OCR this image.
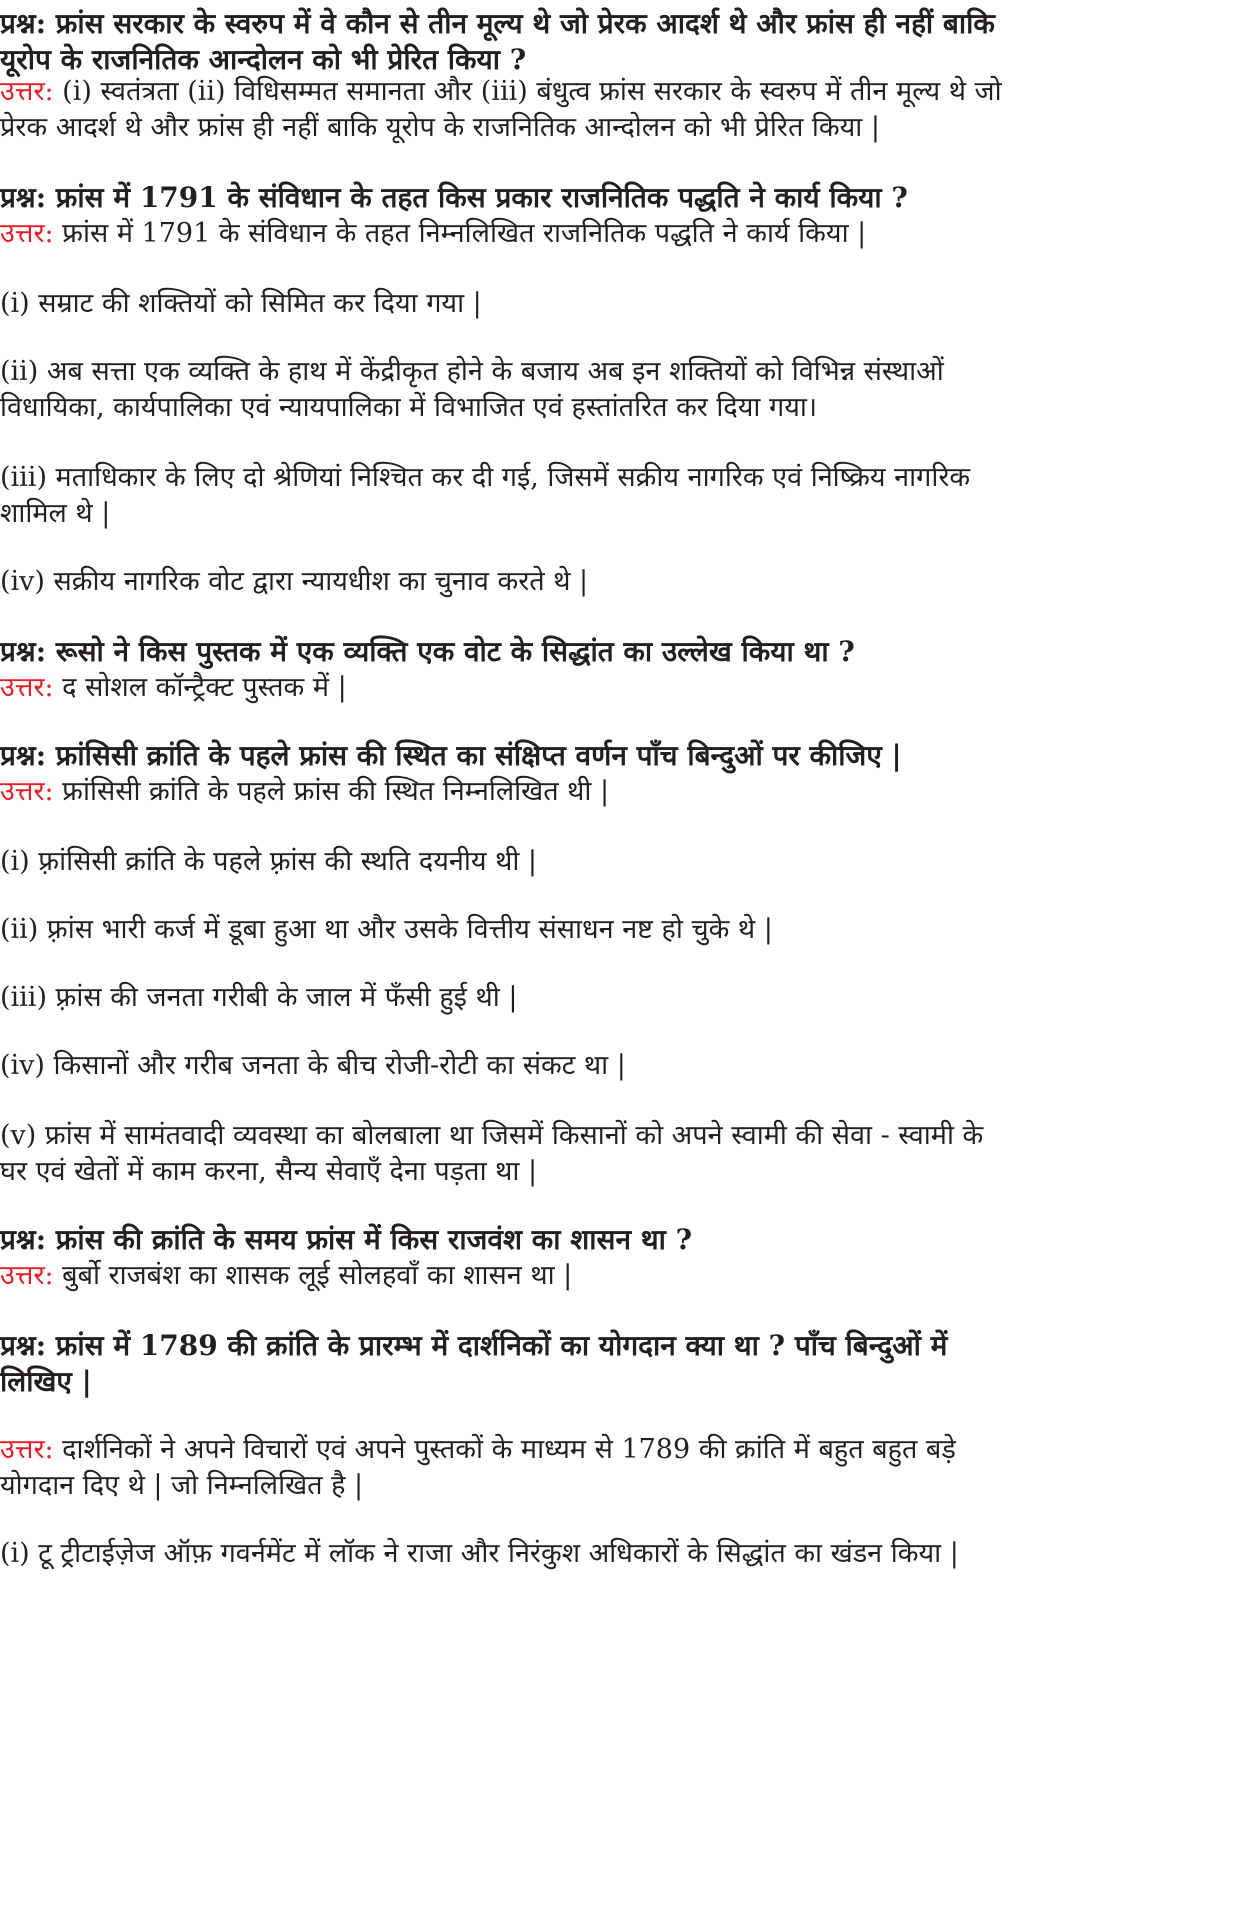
प्रश्न: फ्रांस सरकार के स्वरुप में वे कौन से तीन मूल्य थे जो प्रेरक आदर्श थे और फ्रांस ही नहीं बाकि
यूरोप के राजनितिक आन्दोलन को भी प्रेरित किया ?
उत्तर: (i) स्वतंत्रता (ii) विधिसम्मत समानता और (iii) बंधुत्व फ्रांस सरकार के स्वरुप में तीन मूल्य थे जो
प्रेरक आदर्श थे और फ्रांस ही नहीं बाकि यूरोप के राजनितिक आन्दोलन को भी प्रेरित किया |
प्रश्न: फ्रांस में 1791 के संविधान के तहत किस प्रकार राजनितिक पद्धति ने कार्य किया ?
उत्तर: फ्रांस में 1791 के संविधान के तहत निम्नलिखित राजनितिक पद्धति ने कार्य किया |
(i) सम्राट की शक्तियों को सिमित कर दिया गया |
(ii) अब सत्ता एक व्यक्ति के हाथ में केंद्रीकृत होने के बजाय अब इन शक्तियों को विभिन्न संस्थाओं
विधायिका, कार्यपालिका एवं न्यायपालिका में विभाजित एवं हस्तांतरित कर दिया गया।
(iii) मताधिकार के लिए दो श्रेणियां निश्चित कर दी गई, जिसमें सक्रीय नागरिक एवं निष्क्रिय नागरिक
शामिल थे |
(iv) सक्रीय नागरिक वोट द्वारा न्यायधीश का चुनाव करते थे |
प्रश्न: रूसो ने किस पुस्तक में एक व्यक्ति एक वोट के सिद्धांत का उल्लेख किया था ?
उत्तर: द सोशल कॉन्ट्रैक्ट पुस्तक में |
प्रश्न: फ्रांसिसी क्रांति के पहले फ्रांस की स्थित का संक्षिप्त वर्णन पाँच बिन्दुओं पर कीजिए |
उत्तर: फ्रांसिसी क्रांति के पहले फ्रांस की स्थित निम्नलिखित थी |
(i) फ़्रांसिसी क्रांति के पहले फ़्रांस की स्थति दयनीय थी |
(ii) फ़्रांस भारी कर्ज में डूबा हुआ था और उसके वित्तीय संसाधन नष्ट हो चुके थे |
(iii) फ़्रांस की जनता गरीबी के जाल में फँसी हुई थी |
(iv) किसानों और गरीब जनता के बीच रोजी-रोटी का संकट था |
(v) फ्रांस में सामंतवादी व्यवस्था का बोलबाला था जिसमें किसानों को अपने स्वामी की सेवा - स्वामी के
घर एवं खेतों में काम करना, सैन्य सेवाएँ देना पड़ता था |
प्रश्न: फ्रांस की क्रांति के समय फ्रांस में किस राजवंश का शासन था ?
उत्तर: बुर्बो राजबंश का शासक लूई सोलहवाँ का शासन था |
प्रश्न: फ्रांस में 1789 की क्रांति के प्रारम्भ में दार्शनिकों का योगदान क्या था ? पाँच बिन्दुओं में
लिखिए |
उत्तर: दार्शनिकों ने अपने विचारों एवं अपने पुस्तकों के माध्यम से 1789 की क्रांति में बहुत बहुत बड़े
योगदान दिए थे | जो निम्नलिखित है |
(i) टू ट्रीटाईज़ेज ऑफ़ गवर्नमेंट में लॉक ने राजा और निरंकुश अधिकारों के सिद्धांत का खंडन किया |
